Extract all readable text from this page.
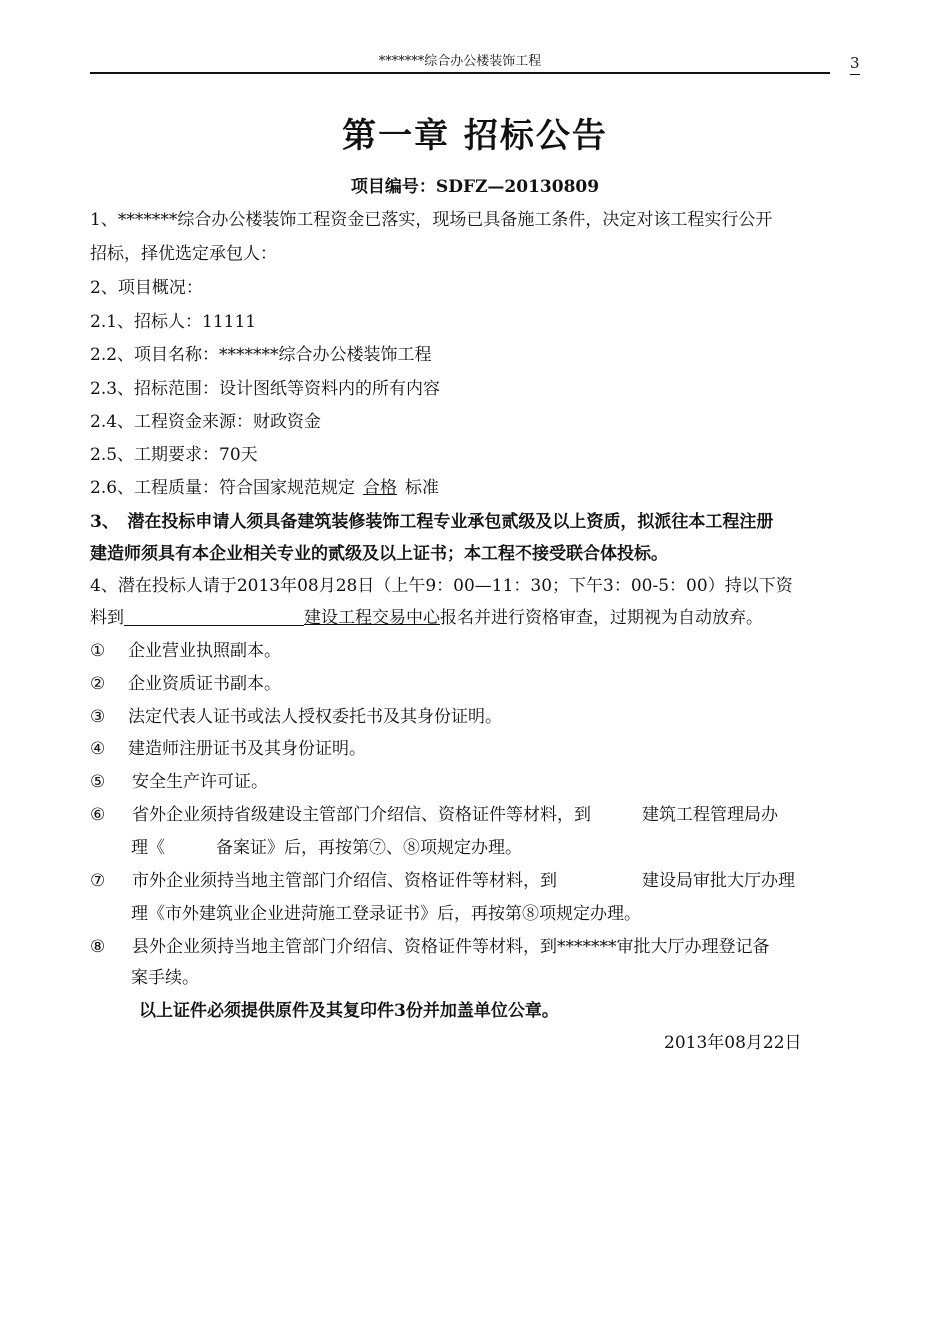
*******综合办公楼装饰工程	3
第一章 招标公告
项目编号：SDFZ—20130809
1、*******综合办公楼装饰工程资金已落实，现场已具备施工条件，决定对该工程实行公开
招标，择优选定承包人：
2、项目概况：
2.1、招标人：11111
2.2、项目名称：*******综合办公楼装饰工程
2.3、招标范围：设计图纸等资料内的所有内容
2.4、工程资金来源：财政资金
2.5、工期要求：70天
2.6、工程质量：符合国家规范规定 合格 标准
3、　潜在投标申请人须具备建筑装修装饰工程专业承包贰级及以上资质，拟派往本工程注册
建造师须具有本企业相关专业的贰级及以上证书；本工程不接受联合体投标。
4、潜在投标人请于2013年08月28日（上午9：00—11：30；下午3：00-5：00）持以下资
料到	建设工程交易中心报名并进行资格审查，过期视为自动放弃。
① 企业营业执照副本。
② 企业资质证书副本。
③ 法定代表人证书或法人授权委托书及其身份证明。
④ 建造师注册证书及其身份证明。
⑤ 安全生产许可证。
⑥ 省外企业须持省级建设主管部门介绍信、资格证件等材料，到　　　建筑工程管理局办
理《　　　备案证》后，再按第⑦、⑧项规定办理。
⑦ 市外企业须持当地主管部门介绍信、资格证件等材料，到　　　　　建设局审批大厅办理
理《市外建筑业企业进菏施工登录证书》后，再按第⑧项规定办理。
⑧ 县外企业须持当地主管部门介绍信、资格证件等材料，到*******审批大厅办理登记备
案手续。
以上证件必须提供原件及其复印件3份并加盖单位公章。
2013年08月22日
